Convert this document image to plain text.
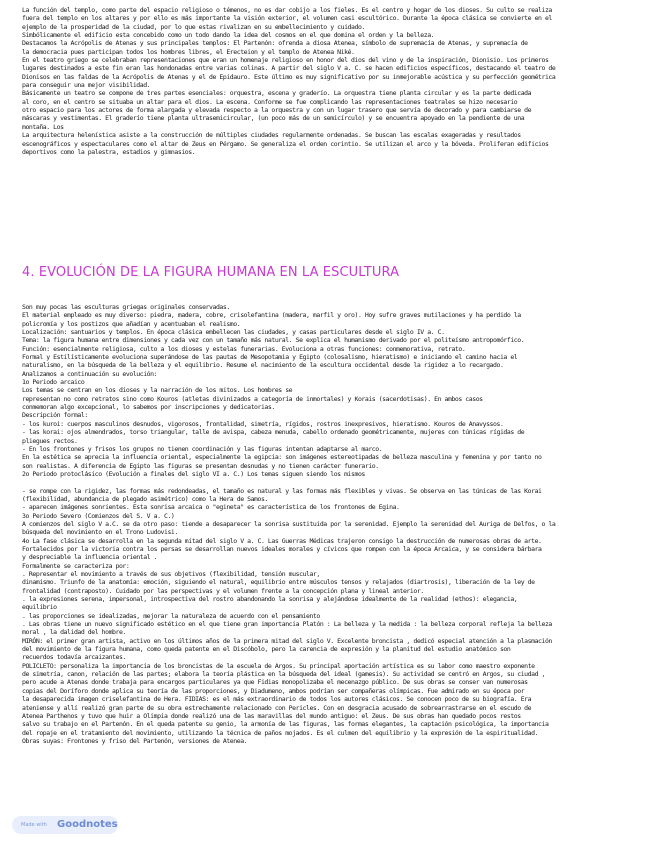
La función del templo, como parte del espacio religioso o témenos, no es dar cobijo a los fieles. Es el centro y hogar de los dioses. Su culto se realiza

fuera del templo en los altares y por ello es más importante la visión exterior, el volumen casi escultórico. Durante la época clásica se convierte en el

ejemplo de la prosperidad de la ciudad, por lo que estas rivalizan en su embellecimiento y cuidado.

Simbólicamente el edificio esta concebido como un todo dando la idea del cosmos en el que domina el orden y la belleza.

Destacamos la Acrópolis de Atenas y sus principales templos: El Partenón: ofrenda a diosa Atenea, símbolo de supremacía de Atenas, y supremacía de

la democracia pues participan todos los hombres libres, el Erecteion y el templo de Atenea Niké.

En el teatro griego se celebraban representaciones que eran un homenaje religioso en honor del dios del vino y de la inspiración, Dionisio. Los primeros

lugares destinados a este fin eran las hondonadas entre varias colinas. A partir del siglo V a. C. se hacen edificios específicos, destacando el teatro de

Dionisos en las faldas de la Acrópolis de Atenas y el de Epidauro. Este último es muy significativo por su inmejorable acústica y su perfección geométrica

para conseguir una mejor visibilidad.

Básicamente un teatro se compone de tres partes esenciales: orquestra, escena y graderío. La orquestra tiene planta circular y es la parte dedicada

al coro, en el centro se situaba un altar para el dios. La escena. Conforme se fue complicando las representaciones teatrales se hizo necesario

otro espacio para los actores de forma alargada y elevada respecto a la orquestra y con un lugar trasero que servía de decorado y para cambiarse de

máscaras y vestimentas. El graderío tiene planta ultrasemicircular, (un poco más de un semicírculo) y se encuentra apoyado en la pendiente de una

montaña. Los

La arquitectura helenística asiste a la construcción de múltiples ciudades regularmente ordenadas. Se buscan las escalas exageradas y resultados

escenográficos y espectaculares como el altar de Zeus en Pérgamo. Se generaliza el orden corintio. Se utilizan el arco y la bóveda. Proliferan edificios

deportivos como la palestra, estadios y gimnasios.

4. EVOLUCIÓN DE LA FIGURA HUMANA EN LA ESCULTURA

Son muy pocas las esculturas griegas originales conservadas.

El material empleado es muy diverso: piedra, madera, cobre, crisolefantina (madera, marfil y oro). Hoy sufre graves mutilaciones y ha perdido la

policromía y los postizos que añadían y acentuaban el realismo.

Localización: santuarios y templos. En época clásica embellecen las ciudades, y casas particulares desde el siglo IV a. C.

Tema: la figura humana entre dimensiones y cada vez con un tamaño más natural. Se explica el humanismo derivado por el politeísmo antropomórfico.

Función: esencialmente religiosa, culto a los dioses y estelas funerarias. Evoluciona a otras funciones: conmemorativa, retrato.

Formal y Estilísticamente evoluciona superándose de las pautas de Mesopotamia y Egipto (colosalismo, hieratismo) e iniciando el camino hacia el

naturalismo, en la búsqueda de la belleza y el equilibrio. Resume el nacimiento de la escultura occidental desde la rigidez a lo recargado.

Analizamos a continuación su evolución:

1o Periodo arcaico

Los temas se centran en los dioses y la narración de los mitos. Los hombres se

representan no como retratos sino como Kouros (atletas divinizados a categoría de inmortales) y Korais (sacerdotisas). En ambos casos

conmemoran algo excepcional, lo sabemos por inscripciones y dedicatorias.

Descripción formal:

- los kuroi: cuerpos masculinos desnudos, vigorosos, frontalidad, simetría, rígidos, rostros inexpresivos, hieratismo. Kouros de Anavyssos.

- las korai: ojos almendrados, torso triangular, talle de avispa, cabeza menuda, cabello ordenado geométricamente, mujeres con túnicas rígidas de

pliegues rectos.

- En los frontones y frisos los grupos no tienen coordinación y las figuras intentan adaptarse al marco.

En la estética se aprecia la influencia oriental, especialmente la egipcia: son imágenes estereotipadas de belleza masculina y femenina y por tanto no

son realistas. A diferencia de Egipto las figuras se presentan desnudas y no tienen carácter funerario.

2o Periodo protoclásico (Evolución a finales del siglo VI a. C.) Los temas siguen siendo los mismos

- se rompe con la rigidez, las formas más redondeadas, el tamaño es natural y las formas más flexibles y vivas. Se observa en las túnicas de las Korai

(flexibilidad, abundancia de plegado asimétrico) como la Hera de Samos.

- aparecen imágenes sonrientes. Esta sonrisa arcaica o "egineta" es característica de los frontones de Egina.

3o Periodo Severo (Comienzos del S. V a. C.)

A comienzos del siglo V a.C. se da otro paso: tiende a desaparecer la sonrisa sustituida por la serenidad. Ejemplo la serenidad del Auriga de Delfos, o la

búsqueda del movimiento en el Trono Ludovisi.

4o La fase clásica se desarrolla en la segunda mitad del siglo V a. C. Las Guerras Médicas trajeron consigo la destrucción de numerosas obras de arte.

Fortalecidos por la victoria contra los persas se desarrollan nuevos ideales morales y cívicos que rompen con la época Arcaica, y se considera bárbara

y despreciable la influencia oriental .

Formalmente se caracteriza por:

. Representar el movimiento a través de sus objetivos (flexibilidad, tensión muscular,

dinamismo. Triunfo de la anatomía: emoción, siguiendo el natural, equilibrio entre músculos tensos y relajados (diartrosis), liberación de la ley de

frontalidad (contraposto). Cuidado por las perspectivas y el volumen frente a la concepción plana y lineal anterior.

. la expresiones serena, impersonal, introspectiva del rostro abandonando la sonrisa y alejándose idealmente de la realidad (ethos): elegancia,

equilibrio

. las proporciones se idealizadas, mejorar la naturaleza de acuerdo con el pensamiento

. Las obras tiene un nuevo significado estético en el que tiene gran importancia Platón : La belleza y la medida : la belleza corporal refleja la belleza

moral , la dalidad del hombre.

MIRÓN: el primer gran artista, activo en los últimos años de la primera mitad del siglo V. Excelente broncista , dedicó especial atención a la plasmación

del movimiento de la figura humana, como queda patente en el Discóbolo, pero la carencia de expresión y la planitud del estudio anatómico son

recuerdos todavía arcaizantes.

POLICLETO: personaliza la importancia de los broncistas de la escuela de Argos. Su principal aportación artística es su labor como maestro exponente

de simetría, canon, relación de las partes; elabora la teoría plástica en la búsqueda del ideal (gamesis). Su actividad se centró en Argos, su ciudad ,

pero acude a Atenas donde trabaja para encargos particulares ya que Fidias monopolizaba el mecenazgo público. De sus obras se conser van numerosas

copias del Doríforo donde aplica su teoría de las proporciones, y Diadumeno, ambos podrían ser compañeras olímpicas. Fue admirado en su época por

la desaparecida imagen criselefantina de Hera. FIDIAS: es el más extraordinario de todos los autores clásicos. Se conocen poco de su biografía. Era

ateniense y allí realizó gran parte de su obra estrechamente relacionado con Pericles. Con en desgracia acusado de sobrearrastrarse en el escudo de

Atenea Parthenos y tuvo que huir a Olimpia donde realizó una de las maravillas del mundo antiguo: el Zeus. De sus obras han quedado pocos restos

salvo su trabajo en el Partenón. En el queda patente su genio, la armonía de las figuras, las formas elegantes, la captación psicológica, la importancia

del ropaje en el tratamiento del movimiento, utilizando la técnica de paños mojados. Es el culmen del equilibrio y la expresión de la espiritualidad.

Obras suyas: Frontones y friso del Partenón, versiones de Atenea.

Made with Goodnotes
